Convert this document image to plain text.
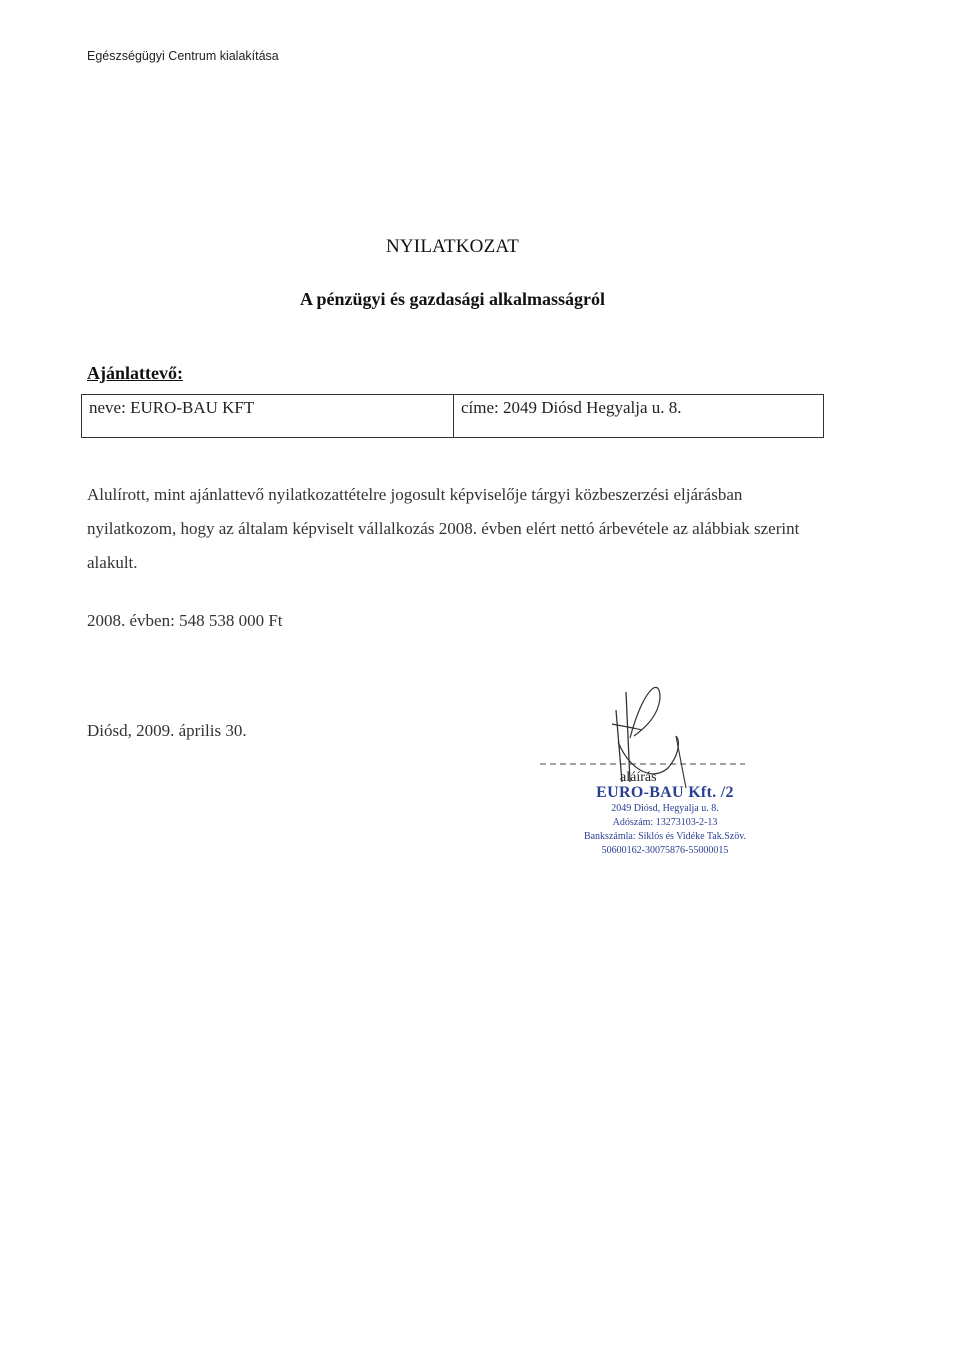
Egészségügyi Centrum kialakítása
NYILATKOZAT
A pénzügyi és gazdasági alkalmasságról
Ajánlattevő:
neve: EURO-BAU KFT	címe: 2049 Diósd Hegyalja u. 8.
Alulírott, mint ajánlattevő nyilatkozattételre jogosult képviselője tárgyi közbeszerzési eljárásban nyilatkozom, hogy az általam képviselt vállalkozás 2008. évben elért nettó árbevétele az alábbiak szerint alakult.
2008. évben: 548 538 000 Ft
Diósd, 2009. április 30.
aláírás
EURO-BAU Kft. /2
2049 Diósd, Hegyalja u. 8.
Adószám: 13273103-2-13
Bankszámla: Siklós és Vidéke Tak.Szöv.
50600162-30075876-55000015
